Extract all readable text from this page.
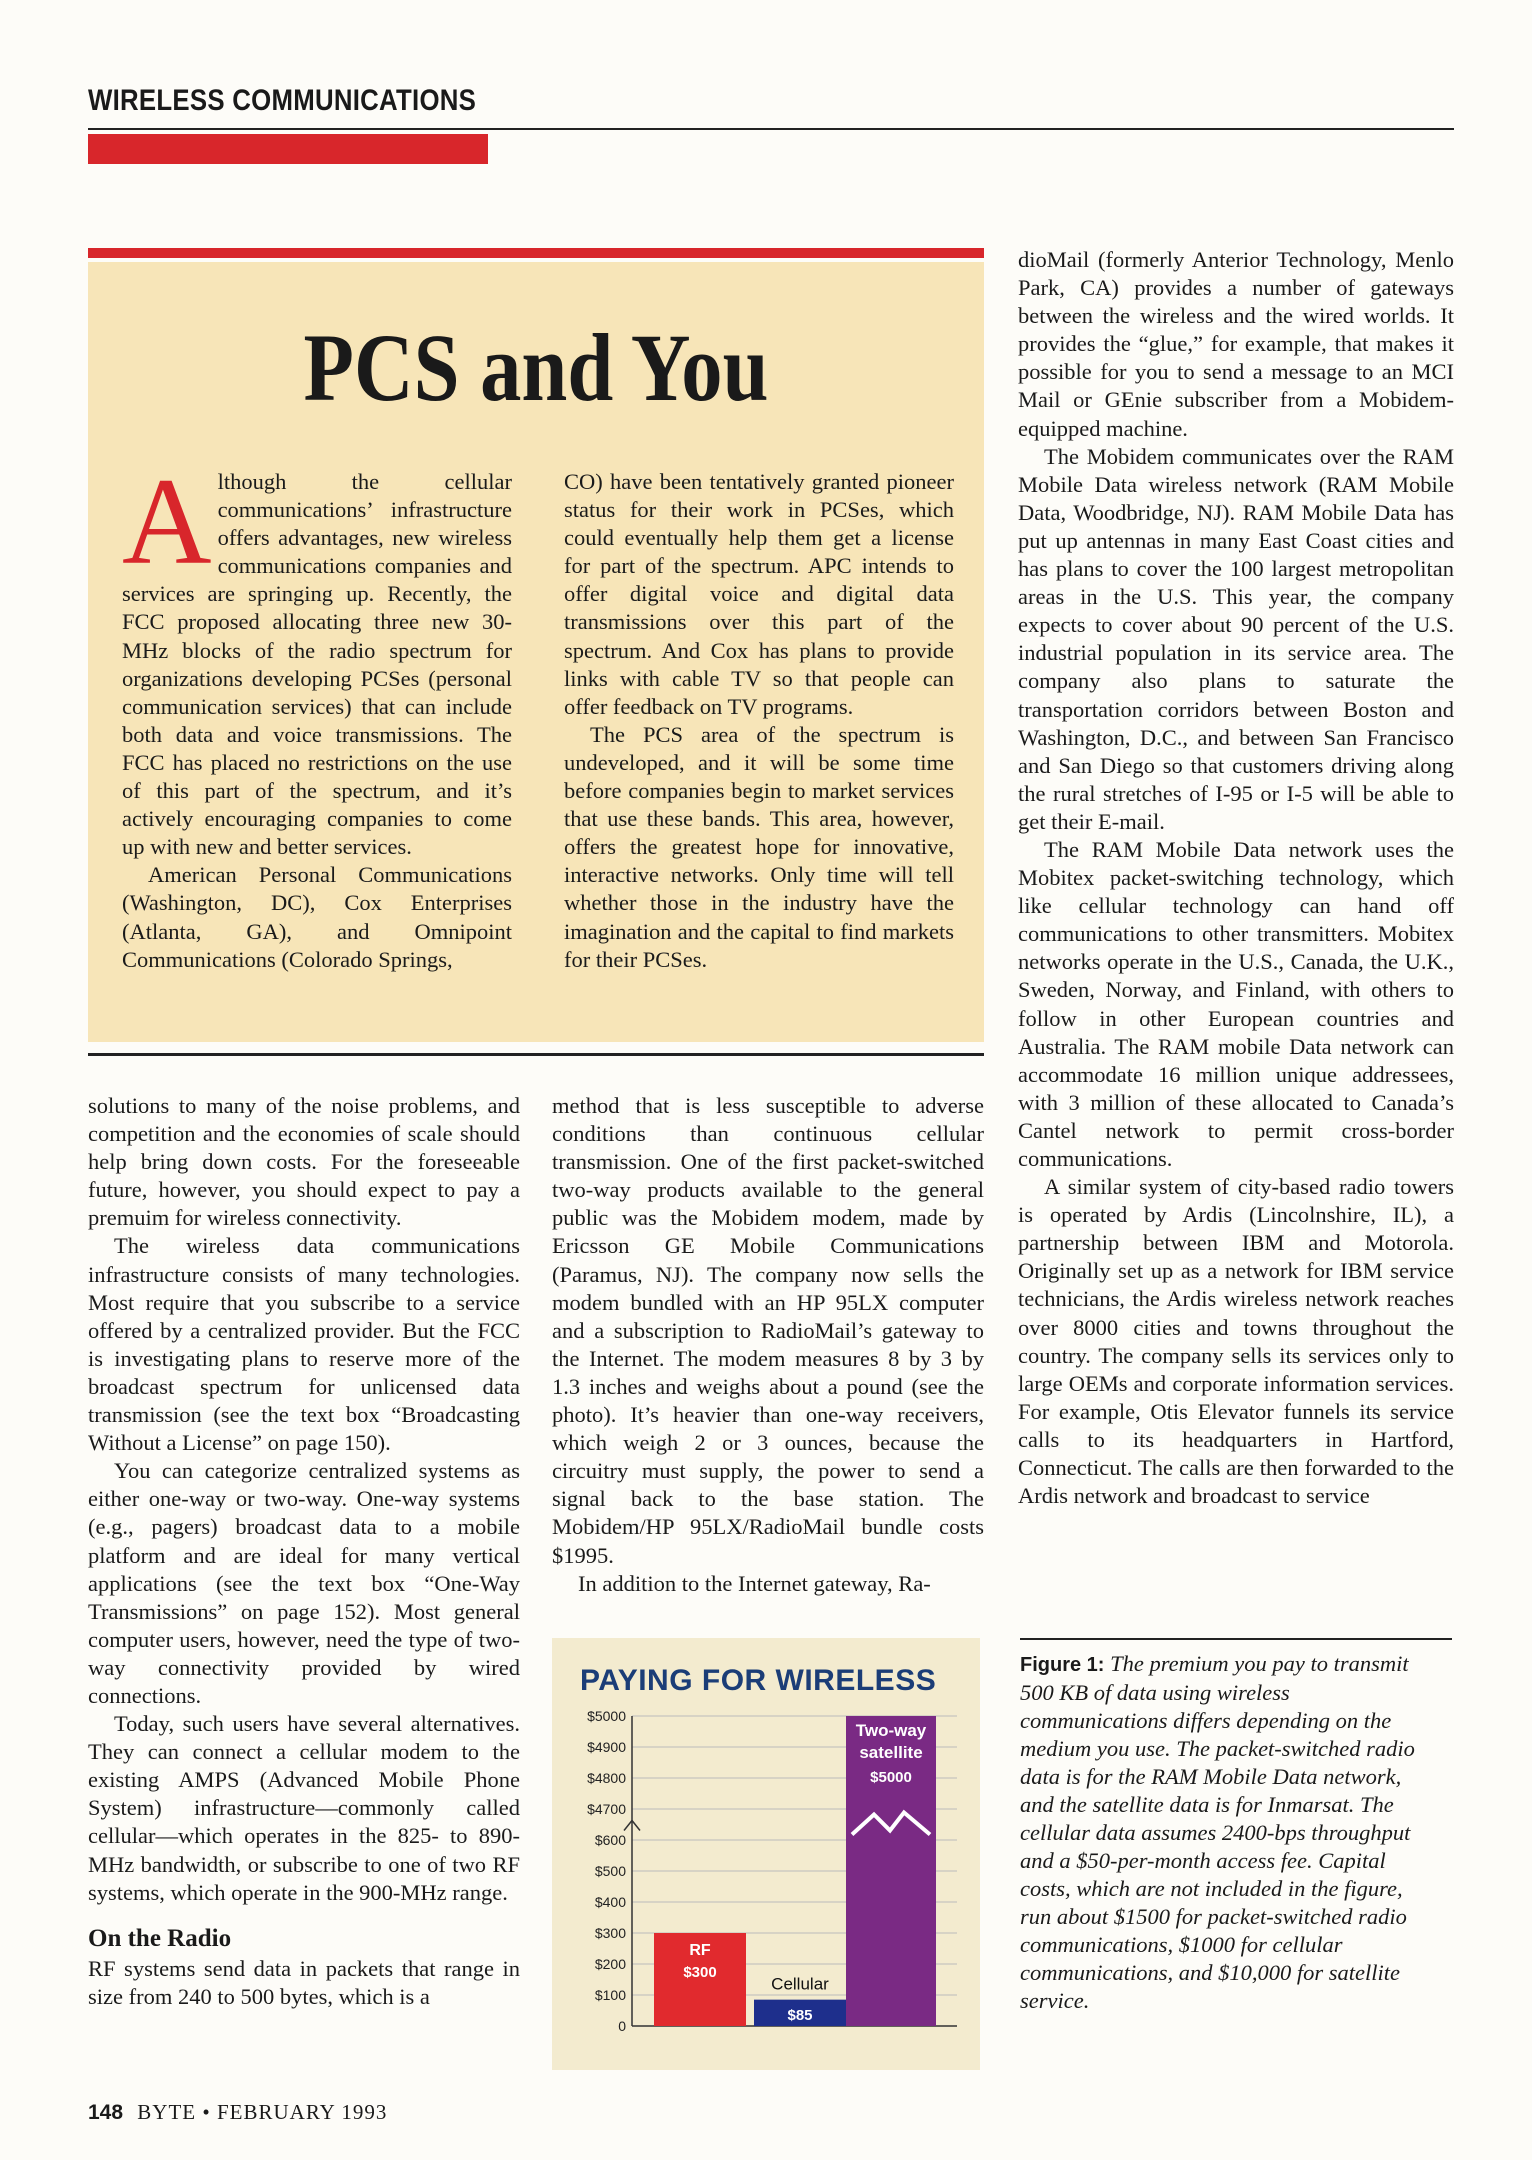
WIRELESS COMMUNICATIONS
PCS and You

Although the cellular communications’ infrastructure offers advantages, new wireless communications companies and services are springing up. Recently, the FCC proposed allocating three new 30-MHz blocks of the radio spectrum for organizations developing PCSes (personal communication services) that can include both data and voice transmissions. The FCC has placed no restrictions on the use of this part of the spectrum, and it’s actively encouraging companies to come up with new and better services.

American Personal Communications (Washington, DC), Cox Enterprises (Atlanta, GA), and Omnipoint Communications (Colorado Springs,

CO) have been tentatively granted pioneer status for their work in PCSes, which could eventually help them get a license for part of the spectrum. APC intends to offer digital voice and digital data transmissions over this part of the spectrum. And Cox has plans to provide links with cable TV so that people can offer feedback on TV programs.

The PCS area of the spectrum is undeveloped, and it will be some time before companies begin to market services that use these bands. This area, however, offers the greatest hope for innovative, interactive networks. Only time will tell whether those in the industry have the imagination and the capital to find markets for their PCSes.

solutions to many of the noise problems, and competition and the economies of scale should help bring down costs. For the foreseeable future, however, you should expect to pay a premuim for wireless connectivity.

The wireless data communications infrastructure consists of many technologies. Most require that you subscribe to a service offered by a centralized provider. But the FCC is investigating plans to reserve more of the broadcast spectrum for unlicensed data transmission (see the text box “Broadcasting Without a License” on page 150).

You can categorize centralized systems as either one-way or two-way. One-way systems (e.g., pagers) broadcast data to a mobile platform and are ideal for many vertical applications (see the text box “One-Way Transmissions” on page 152). Most general computer users, however, need the type of two-way connectivity provided by wired connections.

Today, such users have several alternatives. They can connect a cellular modem to the existing AMPS (Advanced Mobile Phone System) infrastructure—commonly called cellular—which operates in the 825- to 890-MHz bandwidth, or subscribe to one of two RF systems, which operate in the 900-MHz range.

On the Radio

RF systems send data in packets that range in size from 240 to 500 bytes, which is a

method that is less susceptible to adverse conditions than continuous cellular transmission. One of the first packet-switched two-way products available to the general public was the Mobidem modem, made by Ericsson GE Mobile Communications (Paramus, NJ). The company now sells the modem bundled with an HP 95LX computer and a subscription to RadioMail’s gateway to the Internet. The modem measures 8 by 3 by 1.3 inches and weighs about a pound (see the photo). It’s heavier than one-way receivers, which weigh 2 or 3 ounces, because the circuitry must supply, the power to send a signal back to the base station. The Mobidem/HP 95LX/RadioMail bundle costs $1995.

In addition to the Internet gateway, Ra-

dioMail (formerly Anterior Technology, Menlo Park, CA) provides a number of gateways between the wireless and the wired worlds. It provides the “glue,” for example, that makes it possible for you to send a message to an MCI Mail or GEnie subscriber from a Mobidem-equipped machine.

The Mobidem communicates over the RAM Mobile Data wireless network (RAM Mobile Data, Woodbridge, NJ). RAM Mobile Data has put up antennas in many East Coast cities and has plans to cover the 100 largest metropolitan areas in the U.S. This year, the company expects to cover about 90 percent of the U.S. industrial population in its service area. The company also plans to saturate the transportation corridors between Boston and Washington, D.C., and between San Francisco and San Diego so that customers driving along the rural stretches of I-95 or I-5 will be able to get their E-mail.

The RAM Mobile Data network uses the Mobitex packet-switching technology, which like cellular technology can hand off communications to other transmitters. Mobitex networks operate in the U.S., Canada, the U.K., Sweden, Norway, and Finland, with others to follow in other European countries and Australia. The RAM mobile Data network can accommodate 16 million unique addressees, with 3 million of these allocated to Canada’s Cantel network to permit cross-border communications.

A similar system of city-based radio towers is operated by Ardis (Lincolnshire, IL), a partnership between IBM and Motorola. Originally set up as a network for IBM service technicians, the Ardis wireless network reaches over 8000 cities and towns throughout the country. The company sells its services only to large OEMs and corporate information services. For example, Otis Elevator funnels its service calls to its headquarters in Hartford, Connecticut. The calls are then forwarded to the Ardis network and broadcast to service

PAYING FOR WIRELESS
0
$100
$200
$300
$400
$500
$600
$4700
$4800
$4900
$5000
RF
$300
Cellular
$85
Two-way
satellite
$5000
Figure 1: The premium you pay to transmit 500 KB of data using wireless communications differs depending on the medium you use. The packet-switched radio data is for the RAM Mobile Data network, and the satellite data is for Inmarsat. The cellular data assumes 2400-bps throughput and a $50-per-month access fee. Capital costs, which are not included in the figure, run about $1500 for packet-switched radio communications, $1000 for cellular communications, and $10,000 for satellite service.
148 BYTE • FEBRUARY 1993
